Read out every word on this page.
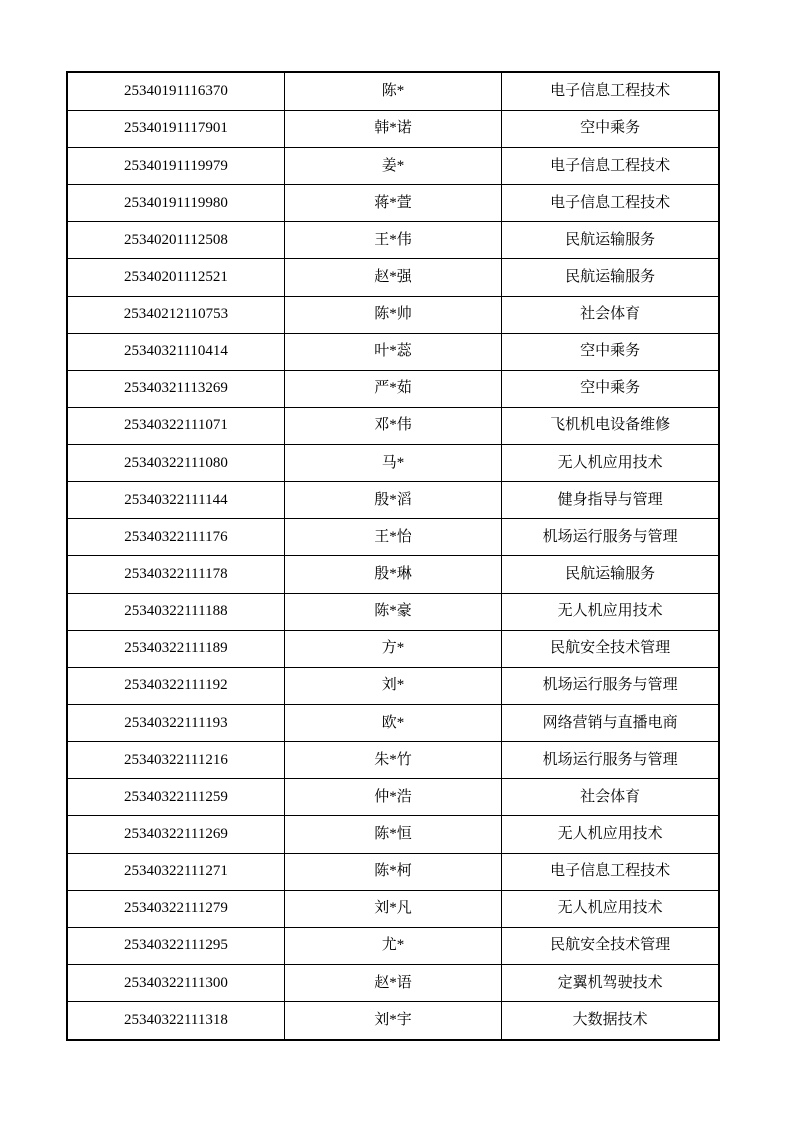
25340191116370	陈*	电子信息工程技术
25340191117901	韩*诺	空中乘务
25340191119979	姜*	电子信息工程技术
25340191119980	蒋*萱	电子信息工程技术
25340201112508	王*伟	民航运输服务
25340201112521	赵*强	民航运输服务
25340212110753	陈*帅	社会体育
25340321110414	叶*蕊	空中乘务
25340321113269	严*茹	空中乘务
25340322111071	邓*伟	飞机机电设备维修
25340322111080	马*	无人机应用技术
25340322111144	殷*滔	健身指导与管理
25340322111176	王*怡	机场运行服务与管理
25340322111178	殷*琳	民航运输服务
25340322111188	陈*豪	无人机应用技术
25340322111189	方*	民航安全技术管理
25340322111192	刘*	机场运行服务与管理
25340322111193	欧*	网络营销与直播电商
25340322111216	朱*竹	机场运行服务与管理
25340322111259	仲*浩	社会体育
25340322111269	陈*恒	无人机应用技术
25340322111271	陈*柯	电子信息工程技术
25340322111279	刘*凡	无人机应用技术
25340322111295	尤*	民航安全技术管理
25340322111300	赵*语	定翼机驾驶技术
25340322111318	刘*宇	大数据技术
